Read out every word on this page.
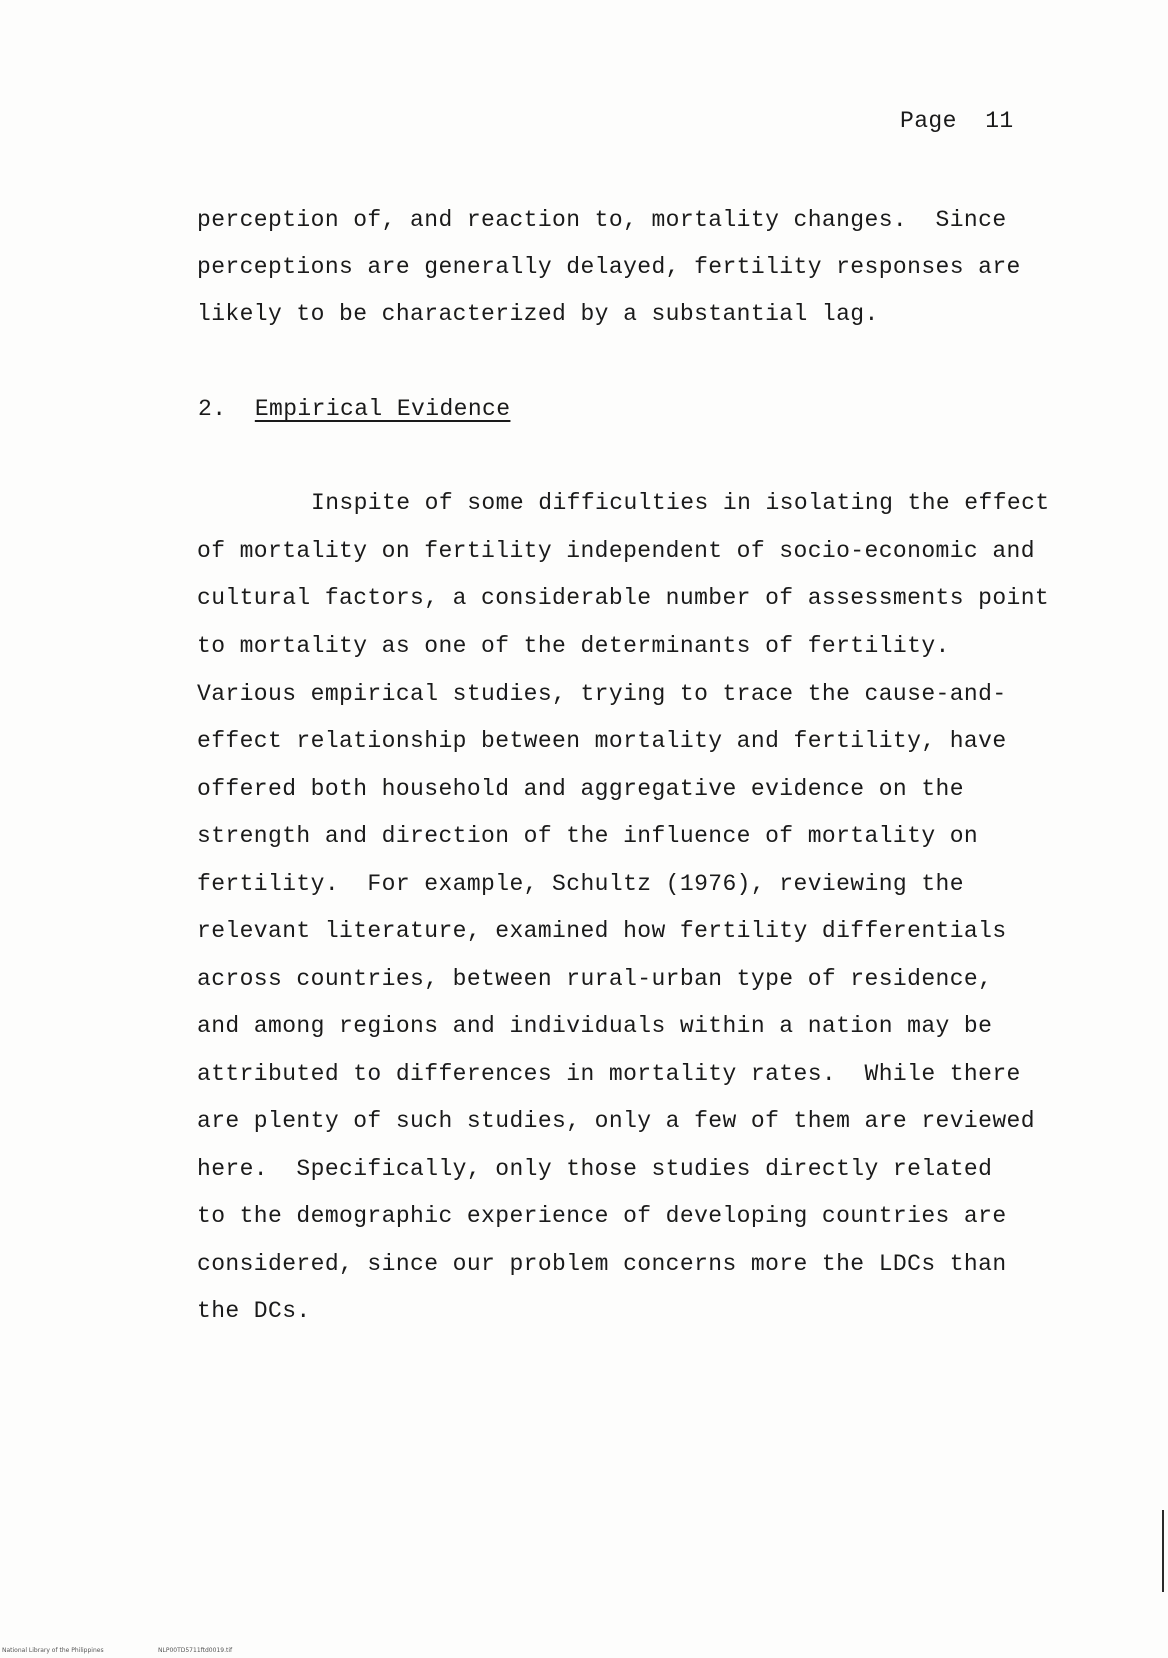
Page  11
perception of, and reaction to, mortality changes.  Since
perceptions are generally delayed, fertility responses are
likely to be characterized by a substantial lag.
2. Empirical Evidence
Inspite of some difficulties in isolating the effect
of mortality on fertility independent of socio-economic and
cultural factors, a considerable number of assessments point
to mortality as one of the determinants of fertility.
Various empirical studies, trying to trace the cause-and-
effect relationship between mortality and fertility, have
offered both household and aggregative evidence on the
strength and direction of the influence of mortality on
fertility.  For example, Schultz (1976), reviewing the
relevant literature, examined how fertility differentials
across countries, between rural-urban type of residence,
and among regions and individuals within a nation may be
attributed to differences in mortality rates.  While there
are plenty of such studies, only a few of them are reviewed
here.  Specifically, only those studies directly related
to the demographic experience of developing countries are
considered, since our problem concerns more the LDCs than
the DCs.
National Library of the Philippines	NLP00TD5711ftd0019.tif
